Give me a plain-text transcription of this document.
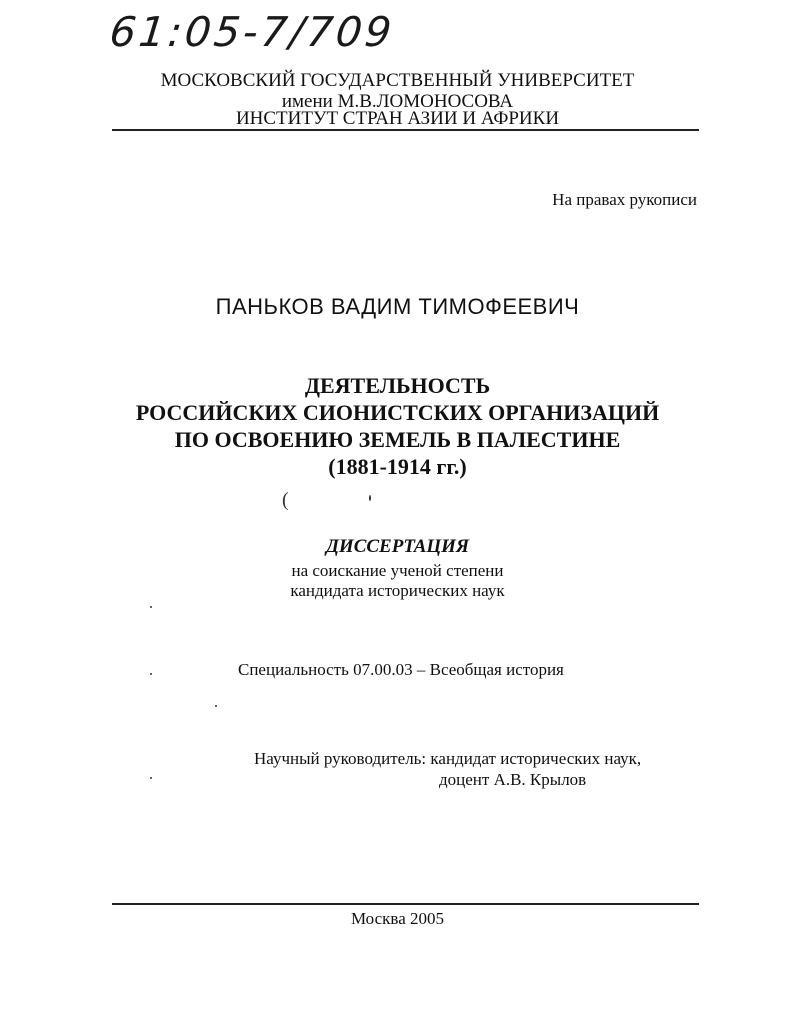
61:05-7/709
МОСКОВСКИЙ ГОСУДАРСТВЕННЫЙ УНИВЕРСИТЕТ
имени М.В.ЛОМОНОСОВА
ИНСТИТУТ СТРАН АЗИИ И АФРИКИ
На правах рукописи
ПАНЬКОВ ВАДИМ ТИМОФЕЕВИЧ
ДЕЯТЕЛЬНОСТЬ
РОССИЙСКИХ СИОНИСТСКИХ ОРГАНИЗАЦИЙ
ПО ОСВОЕНИЮ ЗЕМЕЛЬ В ПАЛЕСТИНЕ
(1881-1914 гг.)
(
ДИССЕРТАЦИЯ
на соискание ученой степени
кандидата исторических наук
Специальность 07.00.03 – Всеобщая история
Научный руководитель: кандидат исторических наук,
доцент А.В. Крылов
Москва 2005
